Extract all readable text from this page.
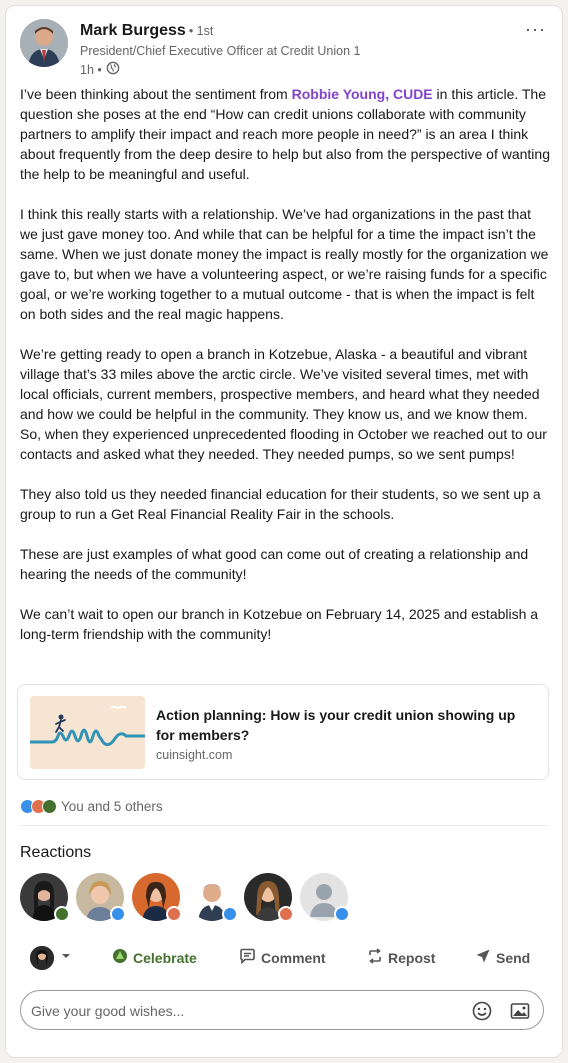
Mark Burgess • 1st
President/Chief Executive Officer at Credit Union 1
1h •
···

I’ve been thinking about the sentiment from Robbie Young, CUDE in this article. The question she poses at the end “How can credit unions collaborate with community partners to amplify their impact and reach more people in need?” is an area I think about frequently from the deep desire to help but also from the perspective of wanting the help to be meaningful and useful.

I think this really starts with a relationship. We’ve had organizations in the past that we just gave money too. And while that can be helpful for a time the impact isn’t the same. When we just donate money the impact is really mostly for the organization we gave to, but when we have a volunteering aspect, or we’re raising funds for a specific goal, or we’re working together to a mutual outcome - that is when the impact is felt on both sides and the real magic happens.

We’re getting ready to open a branch in Kotzebue, Alaska - a beautiful and vibrant village that’s 33 miles above the arctic circle. We’ve visited several times, met with local officials, current members, prospective members, and heard what they needed and how we could be helpful in the community. They know us, and we know them. So, when they experienced unprecedented flooding in October we reached out to our contacts and asked what they needed. They needed pumps, so we sent pumps!

They also told us they needed financial education for their students, so we sent up a group to run a Get Real Financial Reality Fair in the schools.

These are just examples of what good can come out of creating a relationship and hearing the needs of the community!

We can’t wait to open our branch in Kotzebue on February 14, 2025 and establish a long-term friendship with the community!

Action planning: How is your credit union showing up for members?
cuinsight.com
You and 5 others
Reactions
Celebrate	Comment	Repost	Send
Give your good wishes...
